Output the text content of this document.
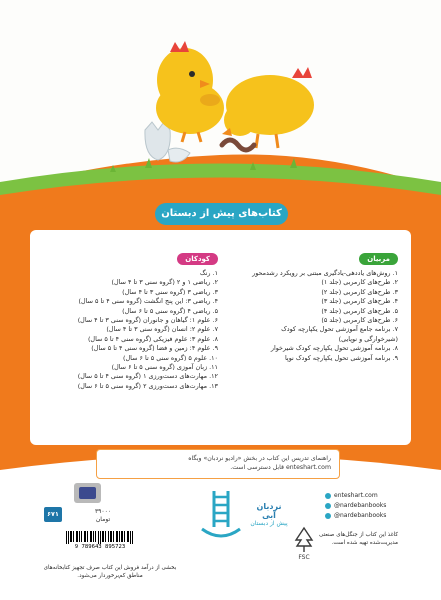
کتاب‌های پیش از دبستان نردبان
مربیان
۱. روش‌های یاددهی-یادگیری مبتنی بر رویکرد رشدمحور
۲. طرح‌های کارمربی (جلد ۱)
۳. طرح‌های کارمربی (جلد ۲)
۴. طرح‌های کارمربی (جلد ۳)
۵. طرح‌های کارمربی (جلد ۴)
۶. طرح‌های کارمربی (جلد ۵)
۷. برنامه جامع آموزشی تحول یکپارچه کودک
(شیرخوارگی و نوپایی)
۸. برنامه آموزشی تحول یکپارچه کودک شیرخوار
۹. برنامه آموزشی تحول یکپارچه کودک نوپا
کودکان
۱. رنگ
۲. ریاضی ۱ و ۲ (گروه سنی ۳ تا ۴ سال)
۳. ریاضی ۳ (گروه سنی ۳ تا ۴ سال)
۴. ریاضی ۳: این پنج انگشت (گروه سنی ۴ تا ۵ سال)
۵. ریاضی ۴ (گروه سنی ۵ تا ۶ سال)
۶. علوم ۱: گیاهان و جانوران (گروه سنی ۳ تا ۴ سال)
۷. علوم ۲: انسان (گروه سنی ۳ تا ۴ سال)
۸. علوم ۳: علوم فیزیکی (گروه سنی ۴ تا ۵ سال)
۹. علوم ۴: زمین و فضا (گروه سنی ۴ تا ۵ سال)
۱۰. علوم ۵ (گروه سنی ۵ تا ۶ سال)
۱۱. زبان آموزی (گروه سنی ۵ تا ۶ سال)
۱۲. مهارت‌های دست‌ورزی ۱ (گروه سنی ۴ تا ۵ سال)
۱۳. مهارت‌های دست‌ورزی ۲ (گروه سنی ۵ تا ۶ سال)
راهنمای تدریس این کتاب در بخش «رادیو نردبان» وبگاه
enteshart.com قابل دسترسی است.
نردبان آبی
پیش از دبستان
enteshart.com
@nardebanbooks
@nardebanbooks
۶۷۱	۳۹۰۰۰
تومان
9 789643 895723
FSC
کاغذ این کتاب از جنگل‌های صنعتی مدیریت‌شده تهیه شده است.
بخشی از درآمد فروش این کتاب صرف تجهیز کتابخانه‌های مناطق کم‌برخوردار می‌شود.
